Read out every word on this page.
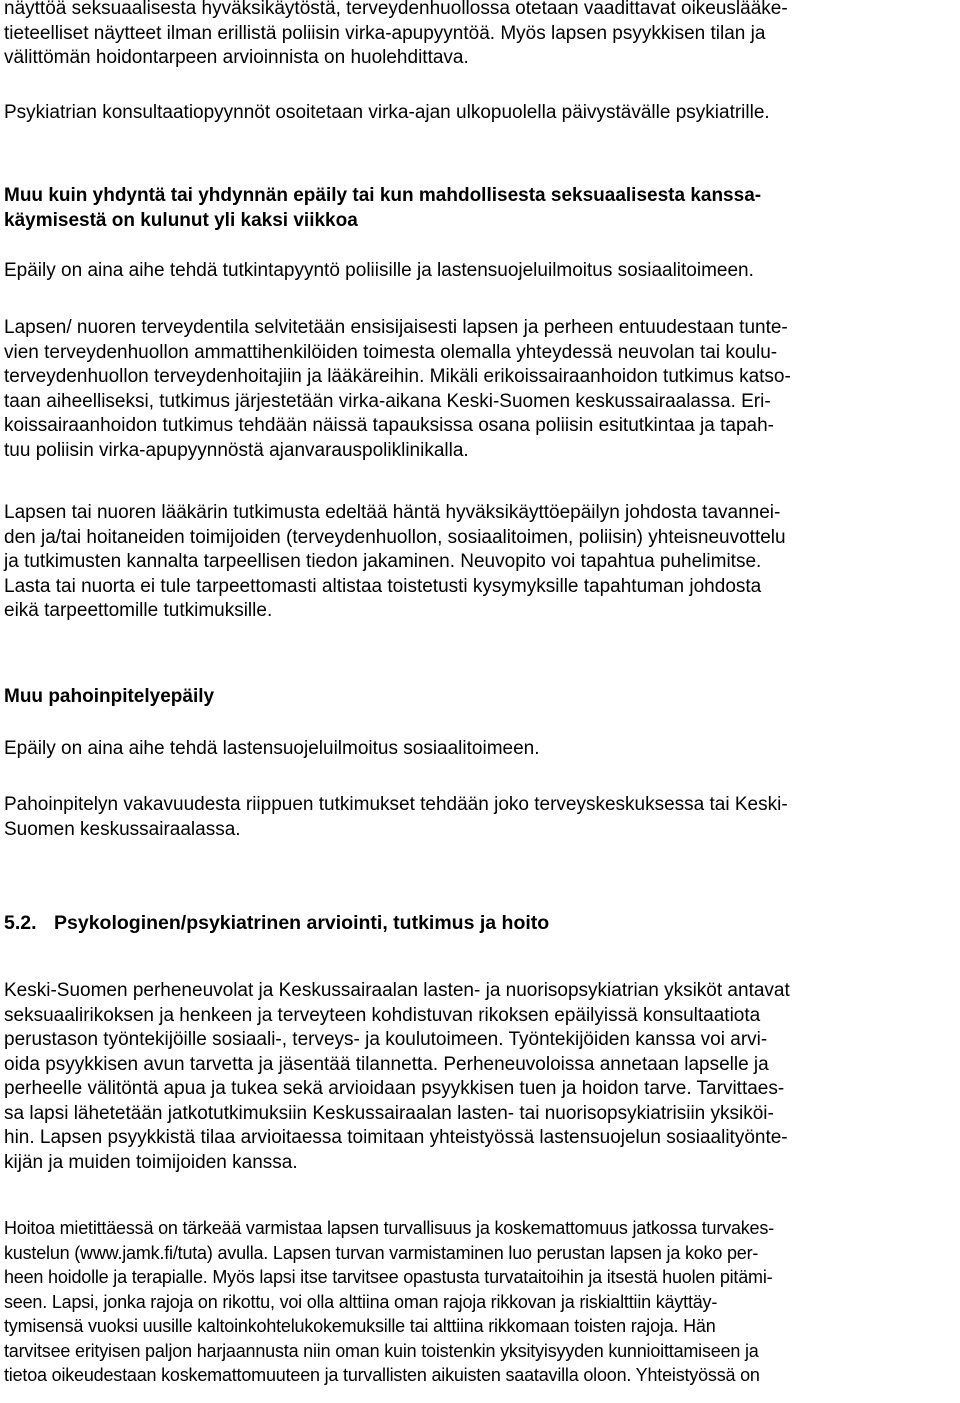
näyttöä seksuaalisesta hyväksikäytöstä, terveydenhuollossa otetaan vaadittavat oikeuslääke-
tieteelliset näytteet ilman erillistä poliisin virka-apupyyntöä. Myös lapsen psyykkisen tilan ja
välittömän hoidontarpeen arvioinnista on huolehdittava.

Psykiatrian konsultaatiopyynnöt osoitetaan virka-ajan ulkopuolella päivystävälle psykiatrille.

Muu kuin yhdyntä tai yhdynnän epäily tai kun mahdollisesta seksuaalisesta kanssa-
käymisestä on kulunut yli kaksi viikkoa

Epäily on aina aihe tehdä tutkintapyyntö poliisille ja lastensuojeluilmoitus sosiaalitoimeen.

Lapsen/ nuoren terveydentila selvitetään ensisijaisesti lapsen ja perheen entuudestaan tunte-
vien terveydenhuollon ammattihenkilöiden toimesta olemalla yhteydessä neuvolan tai koulu-
terveydenhuollon terveydenhoitajiin ja lääkäreihin. Mikäli erikoissairaanhoidon tutkimus katso-
taan aiheelliseksi, tutkimus järjestetään virka-aikana Keski-Suomen keskussairaalassa. Eri-
koissairaanhoidon tutkimus tehdään näissä tapauksissa osana poliisin esitutkintaa ja tapah-
tuu poliisin virka-apupyynnöstä ajanvarauspoliklinikalla.

Lapsen tai nuoren lääkärin tutkimusta edeltää häntä hyväksikäyttöepäilyn johdosta tavannei-
den ja/tai hoitaneiden toimijoiden (terveydenhuollon, sosiaalitoimen, poliisin) yhteisneuvottelu
ja tutkimusten kannalta tarpeellisen tiedon jakaminen. Neuvopito voi tapahtua puhelimitse.
Lasta tai nuorta ei tule tarpeettomasti altistaa toistetusti kysymyksille tapahtuman johdosta
eikä tarpeettomille tutkimuksille.

Muu pahoinpitelyepäily

Epäily on aina aihe tehdä lastensuojeluilmoitus sosiaalitoimeen.

Pahoinpitelyn vakavuudesta riippuen tutkimukset tehdään joko terveyskeskuksessa tai Keski-
Suomen keskussairaalassa.

5.2. Psykologinen/psykiatrinen arviointi, tutkimus ja hoito

Keski-Suomen perheneuvolat ja Keskussairaalan lasten- ja nuorisopsykiatrian yksiköt antavat
seksuaalirikoksen ja henkeen ja terveyteen kohdistuvan rikoksen epäilyissä konsultaatiota
perustason työntekijöille sosiaali-, terveys- ja koulutoimeen. Työntekijöiden kanssa voi arvi-
oida psyykkisen avun tarvetta ja jäsentää tilannetta. Perheneuvoloissa annetaan lapselle ja
perheelle välitöntä apua ja tukea sekä arvioidaan psyykkisen tuen ja hoidon tarve. Tarvittaes-
sa lapsi lähetetään jatkotutkimuksiin Keskussairaalan lasten- tai nuorisopsykiatrisiin yksiköi-
hin. Lapsen psyykkistä tilaa arvioitaessa toimitaan yhteistyössä lastensuojelun sosiaalityönte-
kijän ja muiden toimijoiden kanssa.

Hoitoa mietittäessä on tärkeää varmistaa lapsen turvallisuus ja koskemattomuus jatkossa turvakes-
kustelun (www.jamk.fi/tuta) avulla. Lapsen turvan varmistaminen luo perustan lapsen ja koko per-
heen hoidolle ja terapialle. Myös lapsi itse tarvitsee opastusta turvataitoihin ja itsestä huolen pitämi-
seen. Lapsi, jonka rajoja on rikottu, voi olla alttiina oman rajoja rikkovan ja riskialttiin käyttäy-
tymisensä vuoksi uusille kaltoinkohtelukokemuksille tai alttiina rikkomaan toisten rajoja. Hän
tarvitsee erityisen paljon harjaannusta niin oman kuin toistenkin yksityisyyden kunnioittamiseen ja
tietoa oikeudestaan koskemattomuuteen ja turvallisten aikuisten saatavilla oloon. Yhteistyössä on
